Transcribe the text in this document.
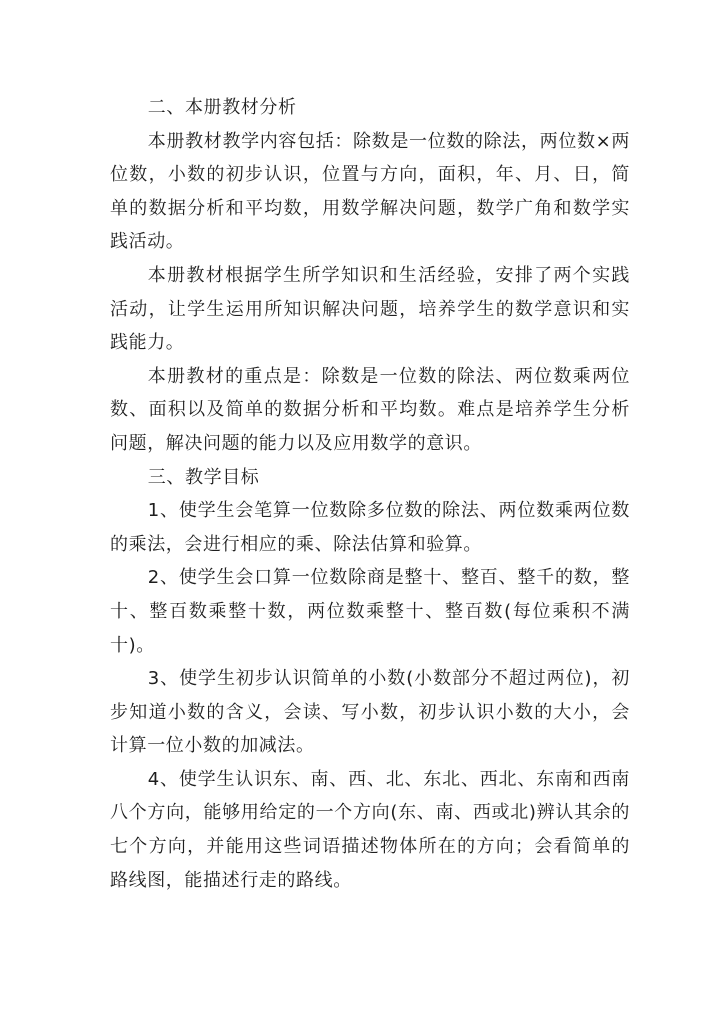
二、本册教材分析

本册教材教学内容包括：除数是一位数的除法，两位数×两位数，小数的初步认识，位置与方向，面积，年、月、日，简单的数据分析和平均数，用数学解决问题，数学广角和数学实践活动。

本册教材根据学生所学知识和生活经验，安排了两个实践活动，让学生运用所知识解决问题，培养学生的数学意识和实践能力。

本册教材的重点是：除数是一位数的除法、两位数乘两位数、面积以及简单的数据分析和平均数。难点是培养学生分析问题，解决问题的能力以及应用数学的意识。

三、教学目标

1、使学生会笔算一位数除多位数的除法、两位数乘两位数的乘法，会进行相应的乘、除法估算和验算。

2、使学生会口算一位数除商是整十、整百、整千的数，整十、整百数乘整十数，两位数乘整十、整百数(每位乘积不满十)。

3、使学生初步认识简单的小数(小数部分不超过两位)，初步知道小数的含义，会读、写小数，初步认识小数的大小，会计算一位小数的加减法。

4、使学生认识东、南、西、北、东北、西北、东南和西南八个方向，能够用给定的一个方向(东、南、西或北)辨认其余的七个方向，并能用这些词语描述物体所在的方向；会看简单的路线图，能描述行走的路线。
